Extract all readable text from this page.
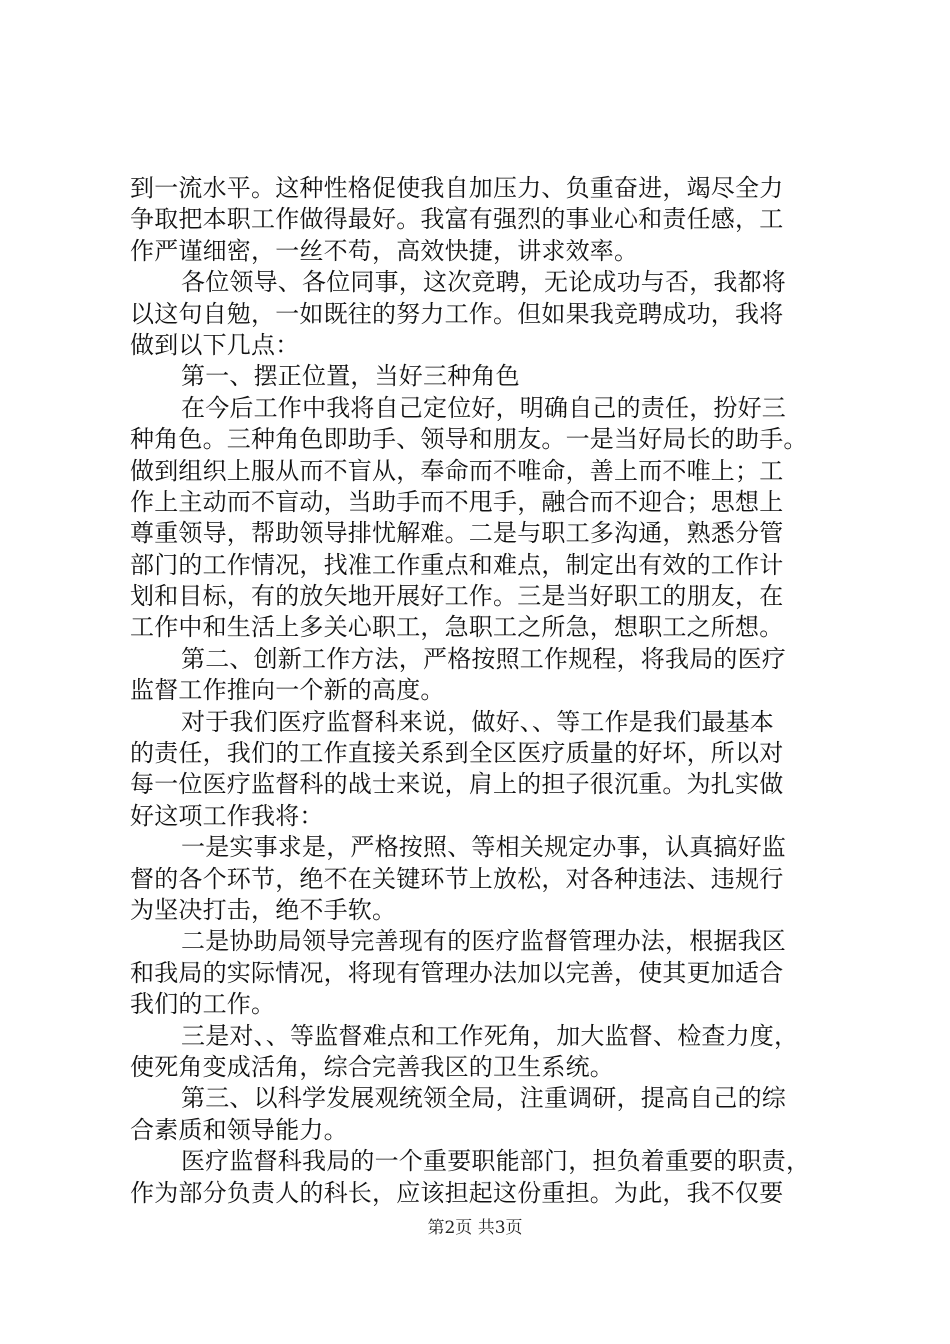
到一流水平。这种性格促使我自加压力、负重奋进，竭尽全力
争取把本职工作做得最好。我富有强烈的事业心和责任感，工
作严谨细密，一丝不苟，高效快捷，讲求效率。
各位领导、各位同事，这次竞聘，无论成功与否，我都将
以这句自勉，一如既往的努力工作。但如果我竞聘成功，我将
做到以下几点：
第一、摆正位置，当好三种角色
在今后工作中我将自己定位好，明确自己的责任，扮好三
种角色。三种角色即助手、领导和朋友。一是当好局长的助手。
做到组织上服从而不盲从，奉命而不唯命，善上而不唯上；工
作上主动而不盲动，当助手而不甩手，融合而不迎合；思想上
尊重领导，帮助领导排忧解难。二是与职工多沟通，熟悉分管
部门的工作情况，找准工作重点和难点，制定出有效的工作计
划和目标，有的放矢地开展好工作。三是当好职工的朋友，在
工作中和生活上多关心职工，急职工之所急，想职工之所想。
第二、创新工作方法，严格按照工作规程，将我局的医疗
监督工作推向一个新的高度。
对于我们医疗监督科来说，做好、、等工作是我们最基本
的责任，我们的工作直接关系到全区医疗质量的好坏，所以对
每一位医疗监督科的战士来说，肩上的担子很沉重。为扎实做
好这项工作我将：
一是实事求是，严格按照、等相关规定办事，认真搞好监
督的各个环节，绝不在关键环节上放松，对各种违法、违规行
为坚决打击，绝不手软。
二是协助局领导完善现有的医疗监督管理办法，根据我区
和我局的实际情况，将现有管理办法加以完善，使其更加适合
我们的工作。
三是对、、等监督难点和工作死角，加大监督、检查力度，
使死角变成活角，综合完善我区的卫生系统。
第三、以科学发展观统领全局，注重调研，提高自己的综
合素质和领导能力。
医疗监督科我局的一个重要职能部门，担负着重要的职责，
作为部分负责人的科长，应该担起这份重担。为此，我不仅要
第2页 共3页
